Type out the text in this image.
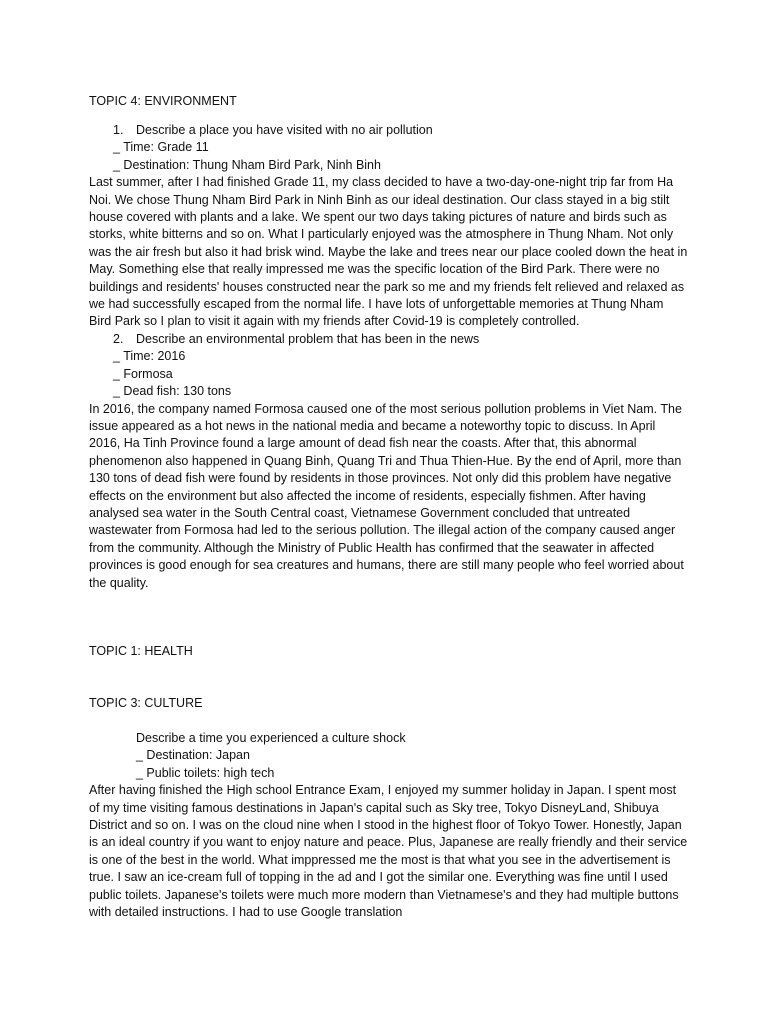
TOPIC 4: ENVIRONMENT
1. Describe a place you have visited with no air pollution
_ Time: Grade 11
_ Destination: Thung Nham Bird Park, Ninh Binh

Last summer, after I had finished Grade 11, my class decided to have a two-day-one-night trip far from Ha Noi. We chose Thung Nham Bird Park in Ninh Binh as our ideal destination. Our class stayed in a big stilt house covered with plants and a lake. We spent our two days taking pictures of nature and birds such as storks, white bitterns and so on. What I particularly enjoyed was the atmosphere in Thung Nham. Not only was the air fresh but also it had brisk wind. Maybe the lake and trees near our place cooled down the heat in May. Something else that really impressed me was the specific location of the Bird Park. There were no buildings and residents' houses constructed near the park so me and my friends felt relieved and relaxed as we had successfully escaped from the normal life. I have lots of unforgettable memories at Thung Nham Bird Park so I plan to visit it again with my friends after Covid-19 is completely controlled.

2. Describe an environmental problem that has been in the news
_ Time: 2016
_ Formosa
_ Dead fish: 130 tons

In 2016, the company named Formosa caused one of the most serious pollution problems in Viet Nam. The issue appeared as a hot news in the national media and became a noteworthy topic to discuss. In April 2016, Ha Tinh Province found a large amount of dead fish near the coasts. After that, this abnormal phenomenon also happened in Quang Binh, Quang Tri and Thua Thien-Hue. By the end of April, more than 130 tons of dead fish were found by residents in those provinces. Not only did this problem have negative effects on the environment but also affected the income of residents, especially fishmen. After having analysed sea water in the South Central coast, Vietnamese Government concluded that untreated wastewater from Formosa had led to the serious pollution. The illegal action of the company caused anger from the community. Although the Ministry of Public Health has confirmed that the seawater in affected provinces is good enough for sea creatures and humans, there are still many people who feel worried about the quality.

TOPIC 1: HEALTH
TOPIC 3: CULTURE
Describe a time you experienced a culture shock
_ Destination: Japan
_ Public toilets: high tech

After having finished the High school Entrance Exam, I enjoyed my summer holiday in Japan. I spent most of my time visiting famous destinations in Japan's capital such as Sky tree, Tokyo DisneyLand, Shibuya District and so on. I was on the cloud nine when I stood in the highest floor of Tokyo Tower. Honestly, Japan is an ideal country if you want to enjoy nature and peace. Plus, Japanese are really friendly and their service is one of the best in the world. What imppressed me the most is that what you see in the advertisement is true. I saw an ice-cream full of topping in the ad and I got the similar one. Everything was fine until I used public toilets. Japanese's toilets were much more modern than Vietnamese's and they had multiple buttons with detailed instructions. I had to use Google translation
